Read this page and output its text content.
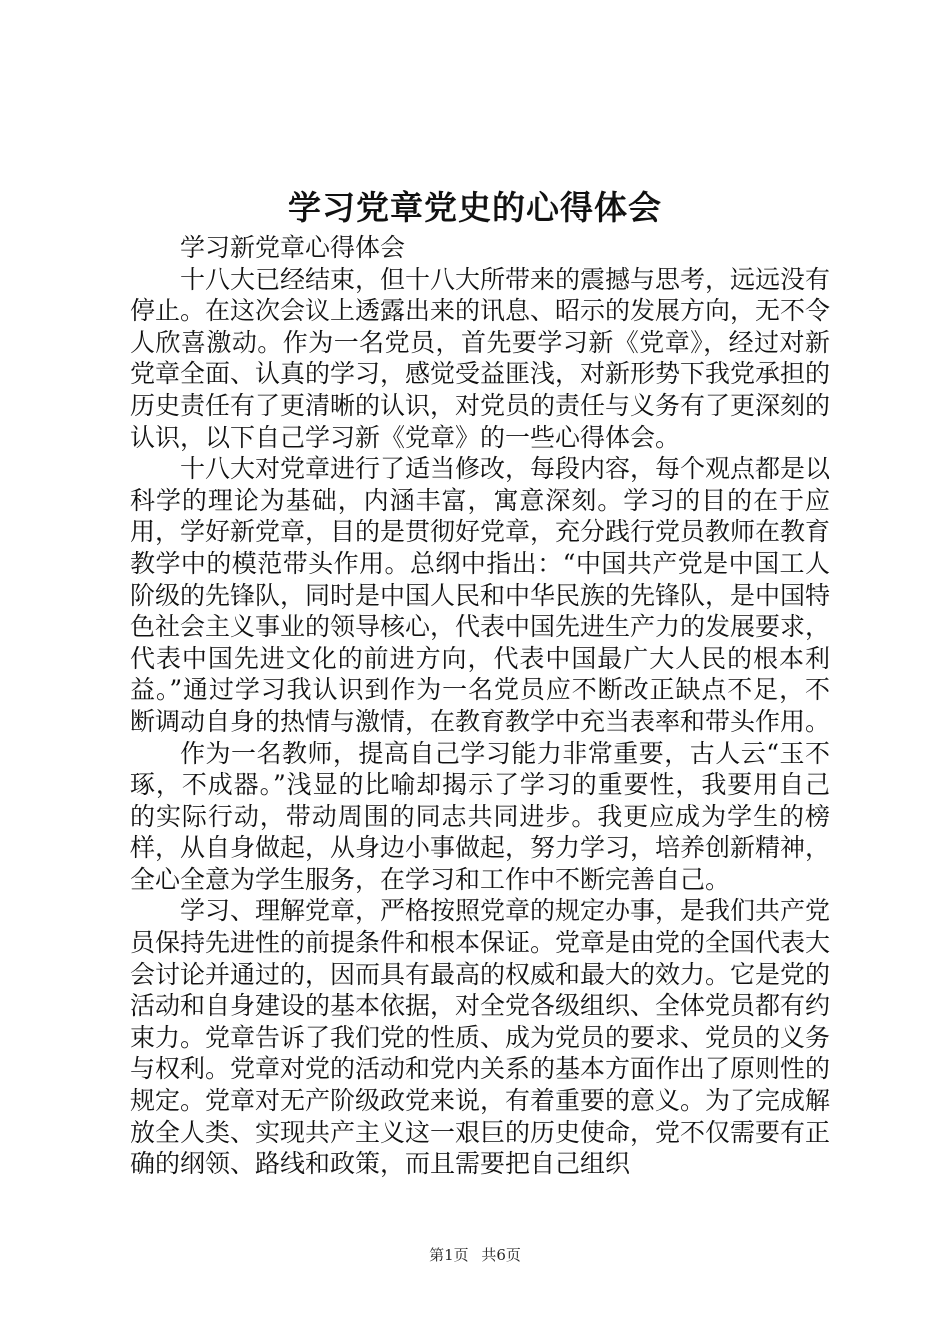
学习党章党史的心得体会

学习新党章心得体会

十八大已经结束，但十八大所带来的震撼与思考，远远没有停止。在这次会议上透露出来的讯息、昭示的发展方向，无不令人欣喜激动。作为一名党员，首先要学习新《党章》，经过对新党章全面、认真的学习，感觉受益匪浅，对新形势下我党承担的历史责任有了更清晰的认识，对党员的责任与义务有了更深刻的认识，以下自己学习新《党章》的一些心得体会。

十八大对党章进行了适当修改，每段内容，每个观点都是以科学的理论为基础，内涵丰富，寓意深刻。学习的目的在于应用，学好新党章，目的是贯彻好党章，充分践行党员教师在教育教学中的模范带头作用。总纲中指出：“中国共产党是中国工人阶级的先锋队，同时是中国人民和中华民族的先锋队，是中国特色社会主义事业的领导核心，代表中国先进生产力的发展要求，代表中国先进文化的前进方向，代表中国最广大人民的根本利益。”通过学习我认识到作为一名党员应不断改正缺点不足，不断调动自身的热情与激情，在教育教学中充当表率和带头作用。

作为一名教师，提高自己学习能力非常重要，古人云“玉不琢，不成器。”浅显的比喻却揭示了学习的重要性，我要用自己的实际行动，带动周围的同志共同进步。我更应成为学生的榜样，从自身做起，从身边小事做起，努力学习，培养创新精神，全心全意为学生服务，在学习和工作中不断完善自己。

学习、理解党章，严格按照党章的规定办事，是我们共产党员保持先进性的前提条件和根本保证。党章是由党的全国代表大会讨论并通过的，因而具有最高的权威和最大的效力。它是党的活动和自身建设的基本依据，对全党各级组织、全体党员都有约束力。党章告诉了我们党的性质、成为党员的要求、党员的义务与权利。党章对党的活动和党内关系的基本方面作出了原则性的规定。党章对无产阶级政党来说，有着重要的意义。为了完成解放全人类、实现共产主义这一艰巨的历史使命，党不仅需要有正确的纲领、路线和政策，而且需要把自己组织

第1页 共6页
